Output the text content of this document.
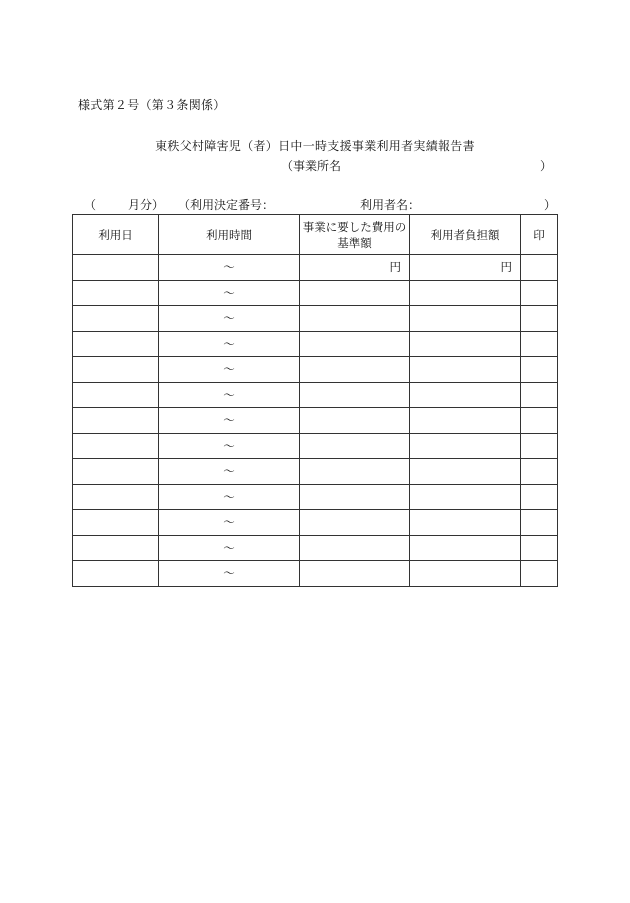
様式第２号（第３条関係）
東秩父村障害児（者）日中一時支援事業利用者実績報告書
（事業所名	）
（	月分） （利用決定番号：	利用者名：	）
利用日	利用時間	事業に要した費用の基準額	利用者負担額	印
	～	円	円	
	～			
	～			
	～			
	～			
	～			
	～			
	～			
	～			
	～			
	～			
	～			
	～			
